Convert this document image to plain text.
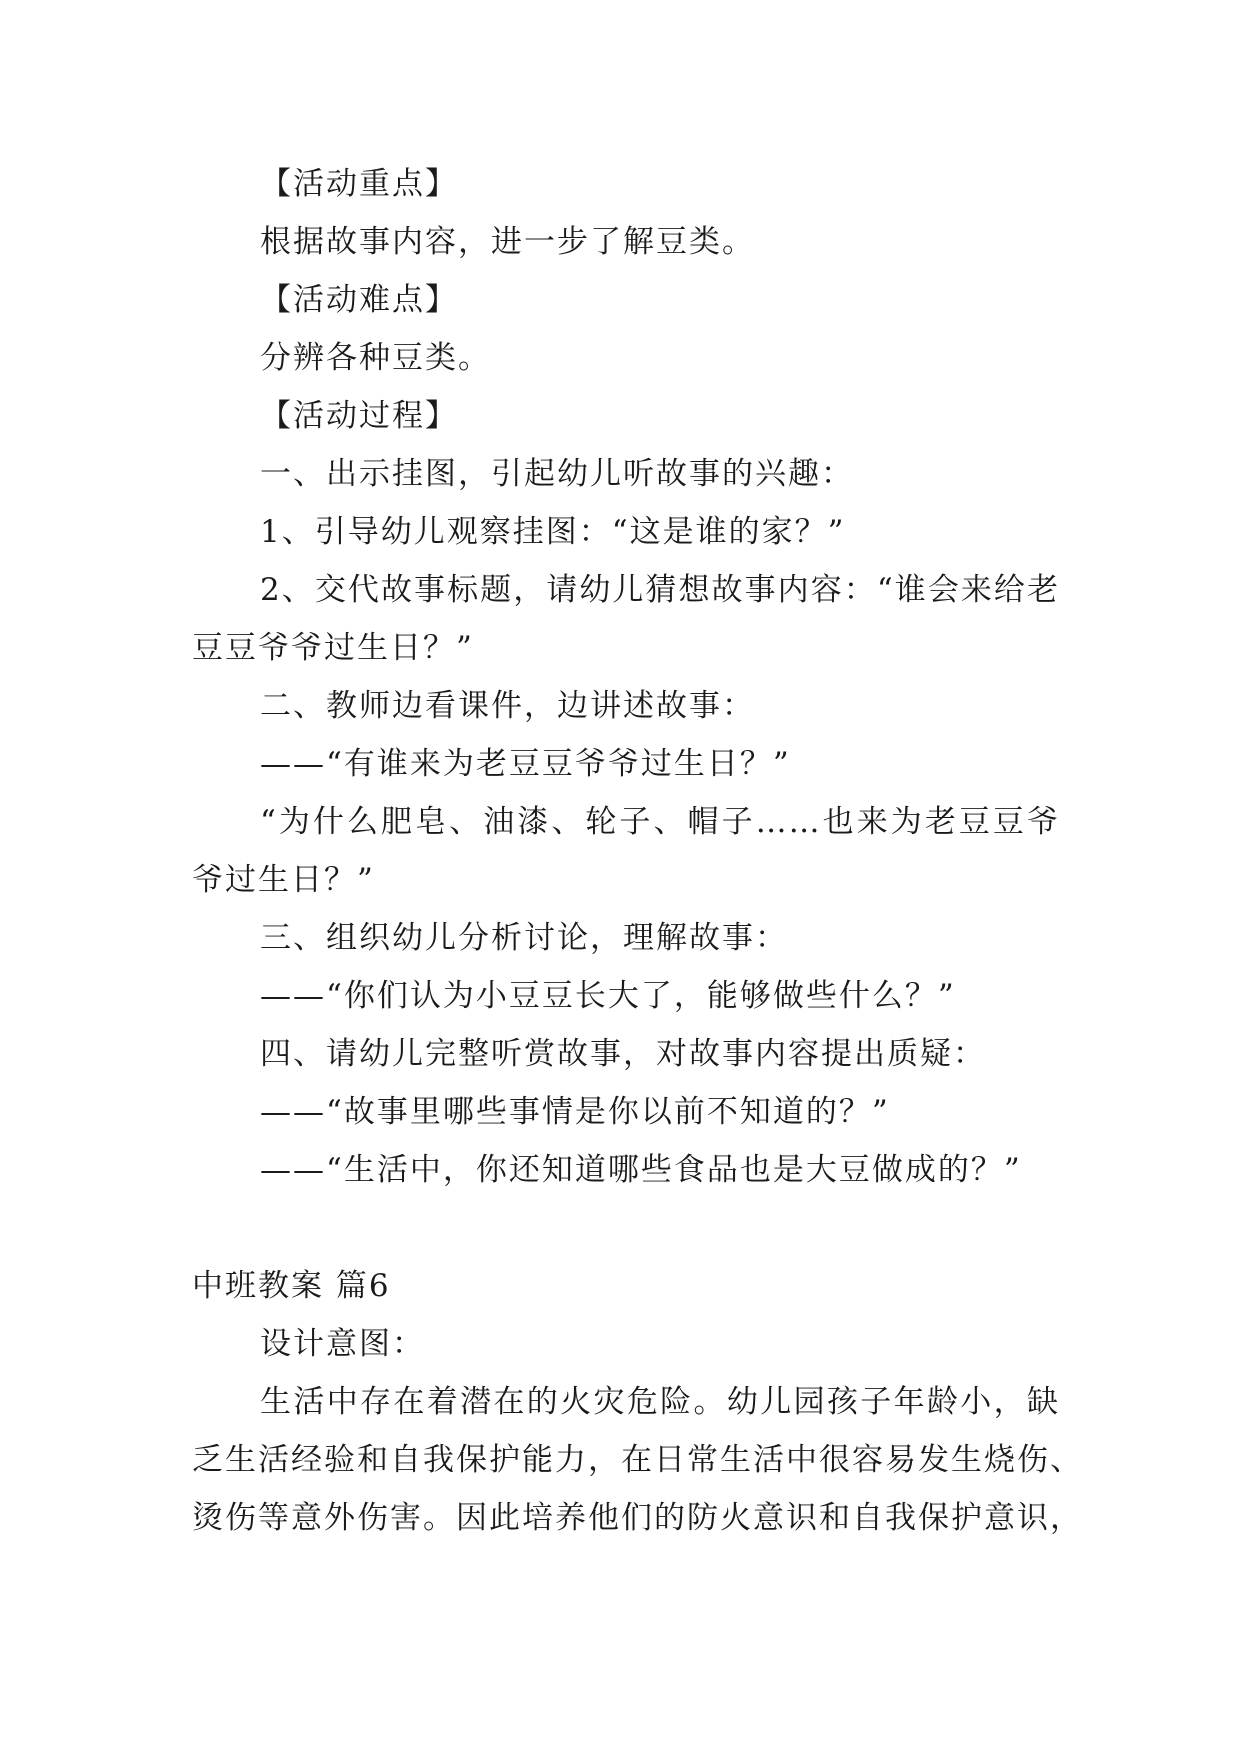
【活动重点】
根据故事内容，进一步了解豆类。
【活动难点】
分辨各种豆类。
【活动过程】
一、出示挂图，引起幼儿听故事的兴趣：
1、引导幼儿观察挂图：“这是谁的家？”
2、交代故事标题，请幼儿猜想故事内容：“谁会来给老
豆豆爷爷过生日？”
二、教师边看课件，边讲述故事：
——“有谁来为老豆豆爷爷过生日？”
“为什么肥皂、油漆、轮子、帽子……也来为老豆豆爷
爷过生日？”
三、组织幼儿分析讨论，理解故事：
——“你们认为小豆豆长大了，能够做些什么？”
四、请幼儿完整听赏故事，对故事内容提出质疑：
——“故事里哪些事情是你以前不知道的？”
——“生活中，你还知道哪些食品也是大豆做成的？”
中班教案 篇6
设计意图：
生活中存在着潜在的火灾危险。幼儿园孩子年龄小，缺
乏生活经验和自我保护能力，在日常生活中很容易发生烧伤、
烫伤等意外伤害。因此培养他们的防火意识和自我保护意识，
